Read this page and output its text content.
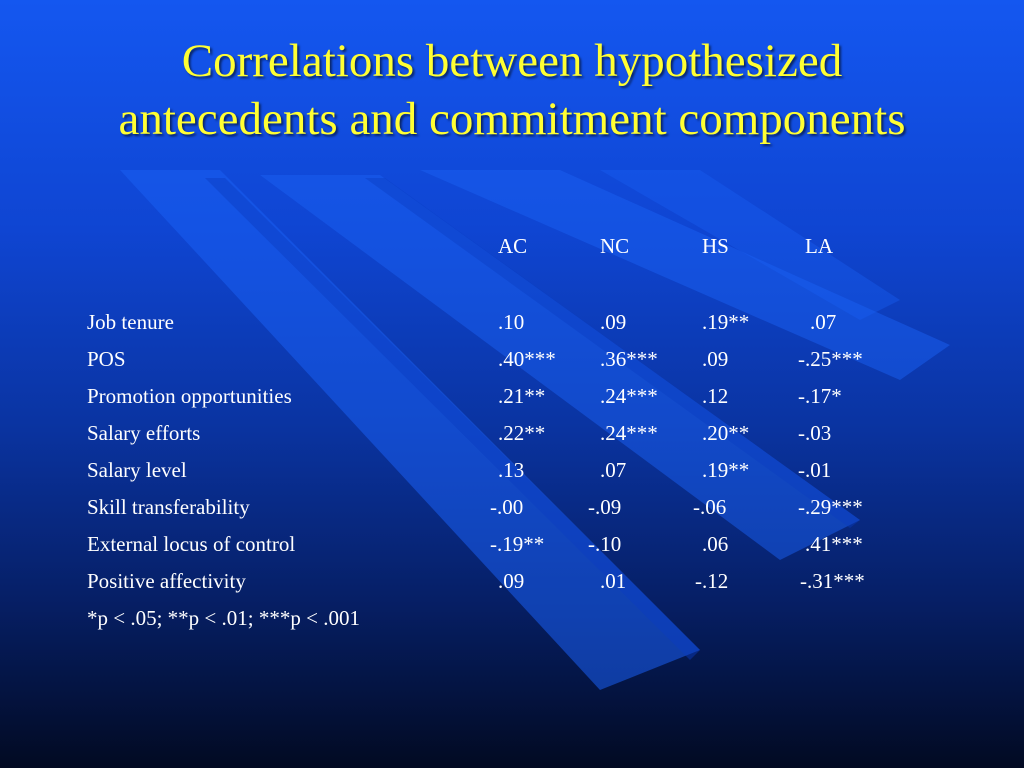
Correlations between hypothesized
antecedents and commitment components
AC	NC	HS	LA
Job tenure	.10	.09	.19**	.07
POS	.40*** .36*** .09	-.25***
Promotion opportunities	.21**	.24*** .12	-.17*
Salary efforts	.22**	.24*** .20** -.03
Salary level	.13	.07	.19** -.01
Skill transferability	-.00	-.09	-.06	-.29***
External locus of control	-.19** -.10	.06	.41***
Positive affectivity	.09	.01	-.12	-.31***
*p < .05; **p < .01; ***p < .001
